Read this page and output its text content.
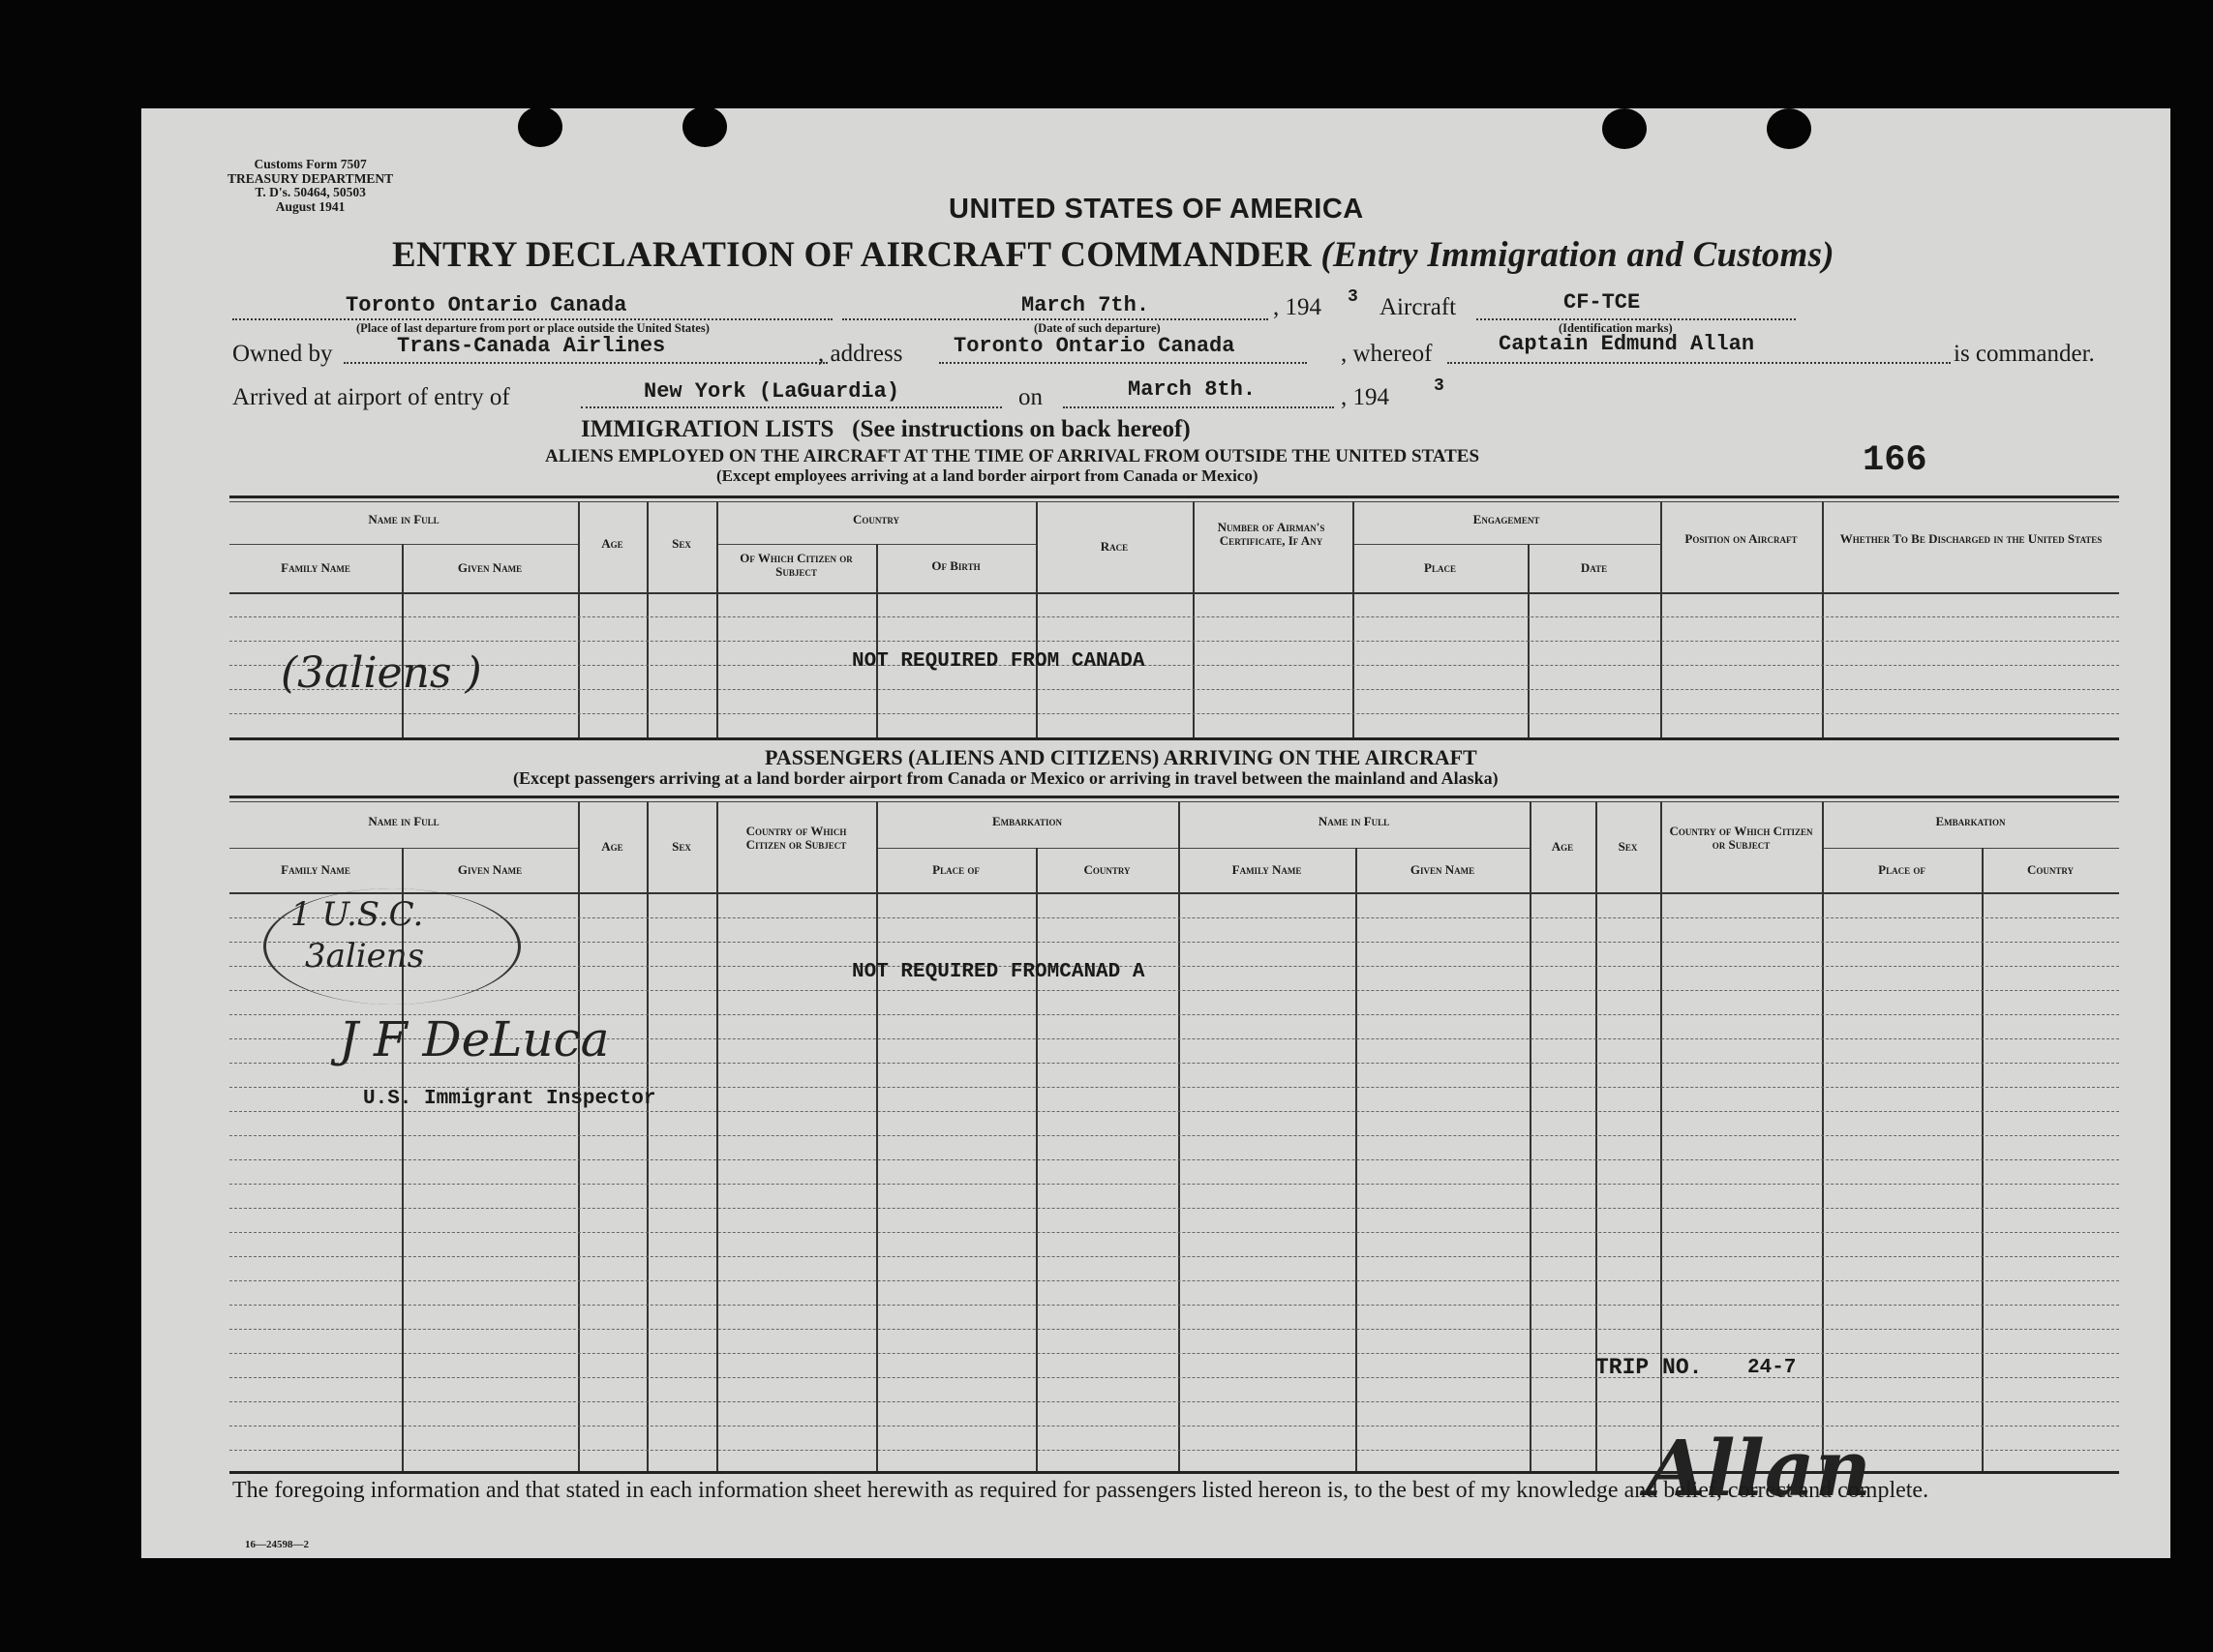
Customs Form 7507
TREASURY DEPARTMENT
T. D's. 50464, 50503
August 1941	UNITED STATES OF AMERICA
ENTRY DECLARATION OF AIRCRAFT COMMANDER (Entry Immigration and Customs)
Toronto Ontario Canada
(Place of last departure from port or place outside the United States)
March 7th.
(Date of such departure)
, 194 3 Aircraft	CF-TCE
(Identification marks)
Owned by	Trans-Canada Airlines	, address Toronto Ontario Canada	, whereof	Captain Edmund Allan	is commander.
Arrived at airport of entry of	New York (LaGuardia)	on	March 8th.	, 194	3
IMMIGRATION LISTS (See instructions on back hereof)
ALIENS EMPLOYED ON THE AIRCRAFT AT THE TIME OF ARRIVAL FROM OUTSIDE THE UNITED STATES
(Except employees arriving at a land border airport from Canada or Mexico)	166
Name in Full
Family Name	Given Name
Age	Sex
Country
Of Which Citizen or Subject	Of Birth
Race
Number of Airman's Certificate, If Any
Engagement
Place	Date
Position on Aircraft	Whether To Be Discharged in the United States
NOT REQUIRED FROM CANADA
(3aliens )
PASSENGERS (ALIENS AND CITIZENS) ARRIVING ON THE AIRCRAFT
(Except passengers arriving at a land border airport from Canada or Mexico or arriving in travel between the mainland and Alaska)
Name in Full
Family Name	Given Name
Age	Sex
Country of Which Citizen or Subject
Embarkation
Place of	Country
Name in Full
Family Name	Given Name
Age	Sex
Country of Which Citizen or Subject
Embarkation
Place of	Country
NOT REQUIRED FROMCANAD A
1 U.S.C.
3aliens
J F DeLuca
U.S. Immigrant Inspector
TRIP NO. 24-7
Allan
The foregoing information and that stated in each information sheet herewith as required for passengers listed hereon is, to the best of my knowledge and belief, correct and complete.
16—24598—2
